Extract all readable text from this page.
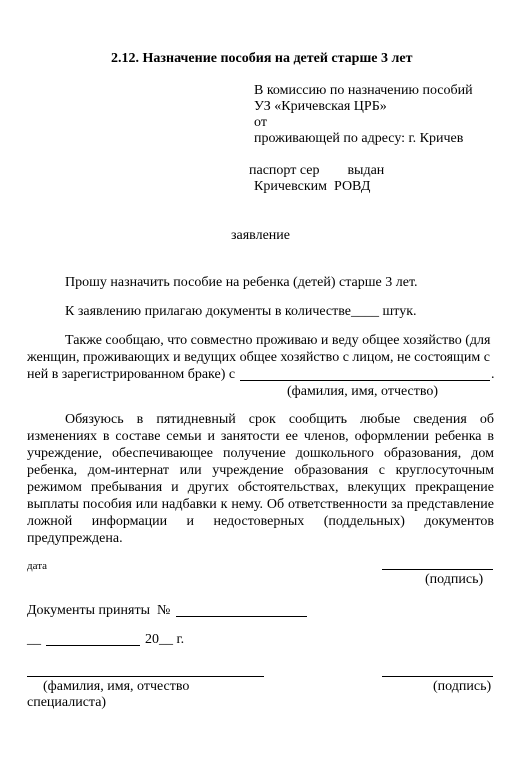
2.12. Назначение пособия на детей старше 3 лет
В комиссию по назначению пособий
УЗ «Кричевская ЦРБ»
от
проживающей по адресу: г. Кричев
паспорт сер        выдан
Кричевским  РОВД
заявление
Прошу назначить пособие на ребенка (детей) старше 3 лет.
К заявлению прилагаю документы в количестве____ штук.
Также сообщаю, что совместно проживаю и веду общее хозяйство (для
женщин, проживающих и ведущих общее хозяйство с лицом, не состоящим с
ней в зарегистрированном браке) с	.
(фамилия, имя, отчество)
Обязуюсь в пятидневный срок сообщить любые сведения об изменениях в составе семьи и занятости ее членов, оформлении ребенка в учреждение, обеспечивающее получение дошкольного образования, дом ребенка, дом-интернат или учреждение образования с круглосуточным режимом пребывания и других обстоятельствах, влекущих прекращение выплаты пособия или надбавки к нему. Об ответственности за представление ложной информации и недостоверных (поддельных) документов предупреждена.
дата
(подпись)
Документы приняты  №
__	20__ г.
(фамилия, имя, отчество	(подпись)
специалиста)
